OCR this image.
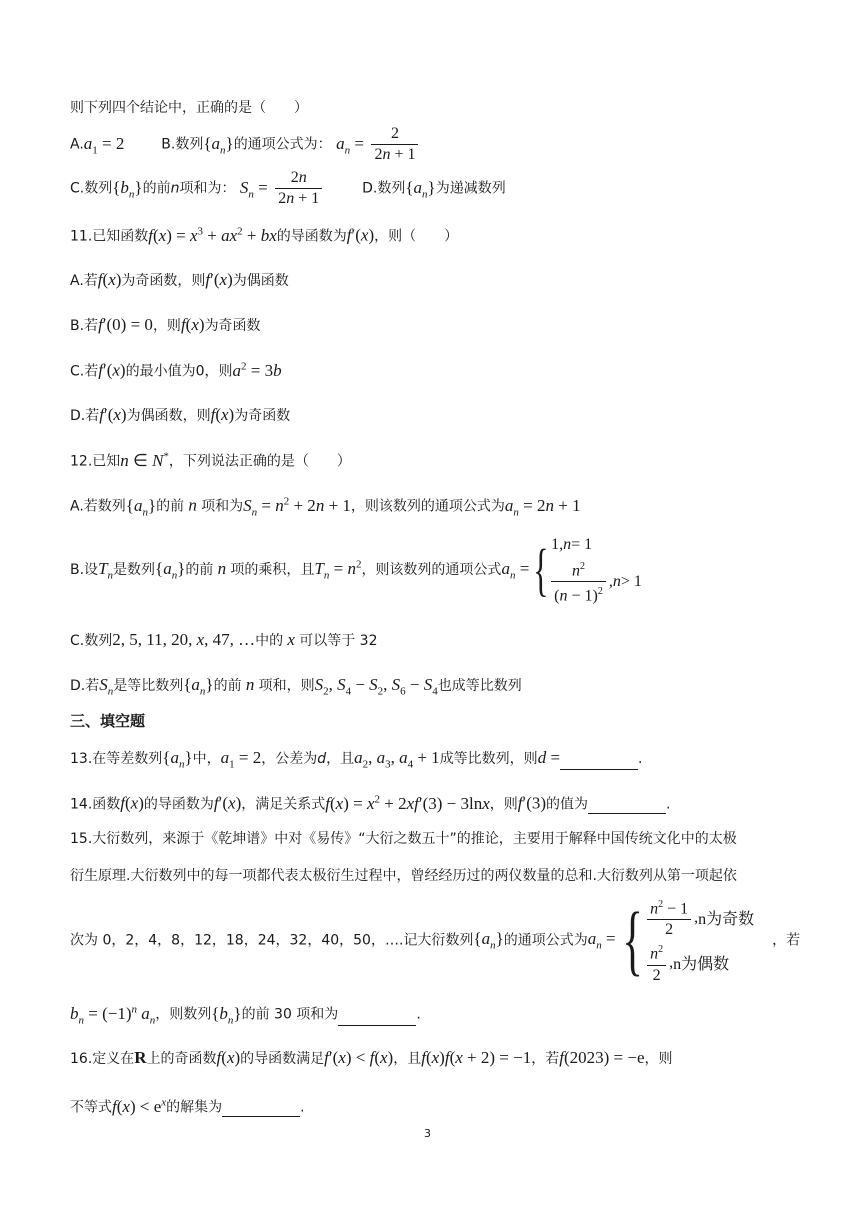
则下列四个结论中，正确的是（　　）
$A.a_1 = 2$	B.数列$\{a_n\}$的通项公式为： $a_n = \frac{2}{2n + 1}$
C.数列$\{b_n\}$的前n项和为： $S_n = \frac{2n}{2n + 1}$	D.数列$\{a_n\}$为递减数列
11.已知函数$f(x) = x^3 + ax^2$ + bx的导函数为f′(x)，则（　　）
A.若f(x)为奇函数，则f′(x)为偶函数
B.若f′(0) = 0，则f(x)为奇函数
C.若f′(x)的最小值为0，则$a^2 = 3b$
D.若f′(x)为偶函数，则f(x)为奇函数
12.已知n ∈ N*，下列说法正确的是（　　）
A.若数列$\{a_n\}$的前 n 项和为$S_n = n^2 + 2n + 1$，则该数列的通项公式为$a_n = 2n + 1$
B.设$T_n$是数列$\{a_n\}$的前 n 项的乘积，且$T_n = n^2$，则该数列的通项公式$a_n$ ={ 1, n = 1
$\frac{n^2}{(n - 1)^2}$ , n > 1
C.数列2, 5, 11, 20, x, 47, …中的 x 可以等于 32
D.若$S_n$是等比数列$\{a_n\}$的前 n 项和，则$S_2$, $S_4 - S_2$, $S_6 - S_4$也成等比数列
三、填空题
13.在等差数列$\{a_n\}$中，$a_1 = 2$，公差为d，且$a_2$, $a_3$, $a_4 + 1$成等比数列，则d =	.
14.函数f(x)的导函数为f′(x)，满足关系式$f(x) = x^2 + 2xf'(3) - 3\ln x$，则f′(3)的值为	.
15.大衍数列，来源于《乾坤谱》中对《易传》“大衍之数五十”的推论，主要用于解释中国传统文化中的太极
衍生原理.大衍数列中的每一项都代表太极衍生过程中，曾经经历过的两仪数量的总和.大衍数列从第一项起依
次为 0，2，4，8，12，18，24，32，40，50，….记大衍数列$\{a_n\}$的通项公式为$a_n$ ={ $\frac{n^2 - 1}{2}$ , n为奇数
$\frac{n^2}{2}$ , n为偶数
，若
$b_n = (-1)^n$ $a_n$，则数列$\{b_n\}$的前 30 项和为	.
16.定义在R上的奇函数f(x)的导函数满足f′(x) < f(x)，且f(x)f(x + 2) = −1，若f(2023) = −e，则
不等式$f(x) < e^x$的解集为	.
3
